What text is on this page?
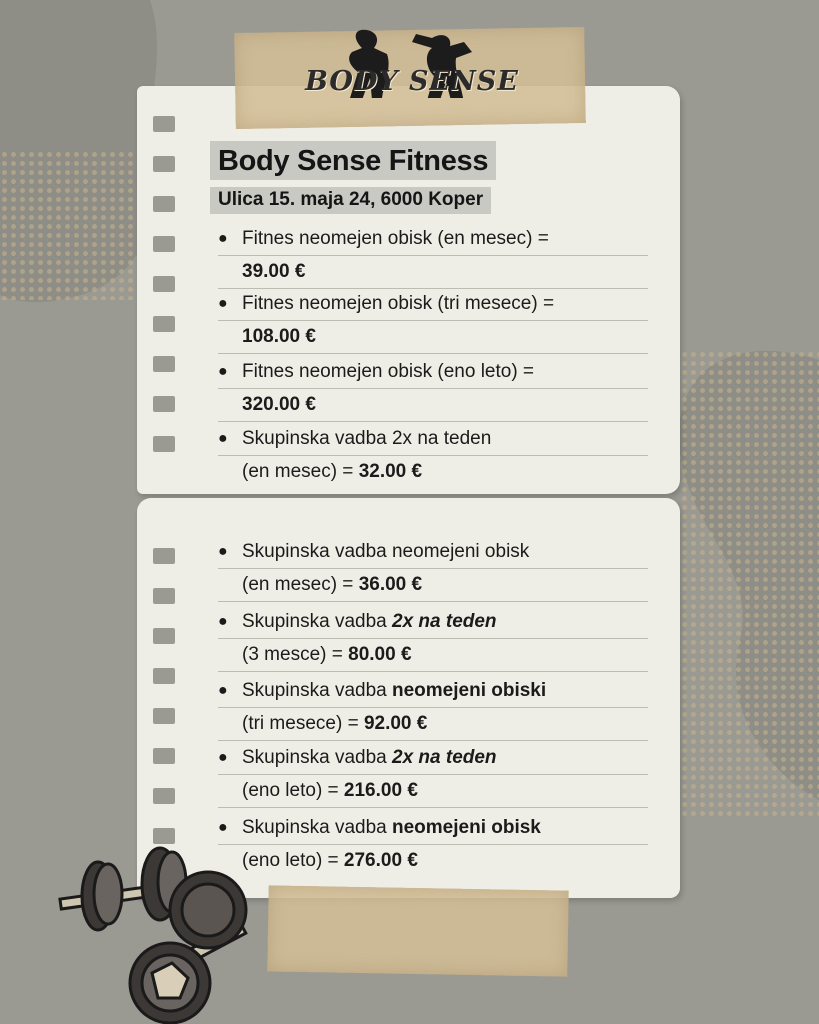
BODY SENSE
Body Sense Fitness
Ulica 15. maja 24, 6000 Koper
● Fitnes neomejen obisk (en mesec) =
39.00 €
● Fitnes neomejen obisk (tri mesece) =
108.00 €
● Fitnes neomejen obisk (eno leto) =
320.00 €
● Skupinska vadba 2x na teden
(en mesec) = 32.00 €
● Skupinska vadba neomejeni obisk
(en mesec) = 36.00 €
● Skupinska vadba 2x na teden
(3 mesce) = 80.00 €
● Skupinska vadba neomejeni obiski
(tri mesece) = 92.00 €
● Skupinska vadba 2x na teden
(eno leto) = 216.00 €
● Skupinska vadba neomejeni obisk
(eno leto) = 276.00 €
